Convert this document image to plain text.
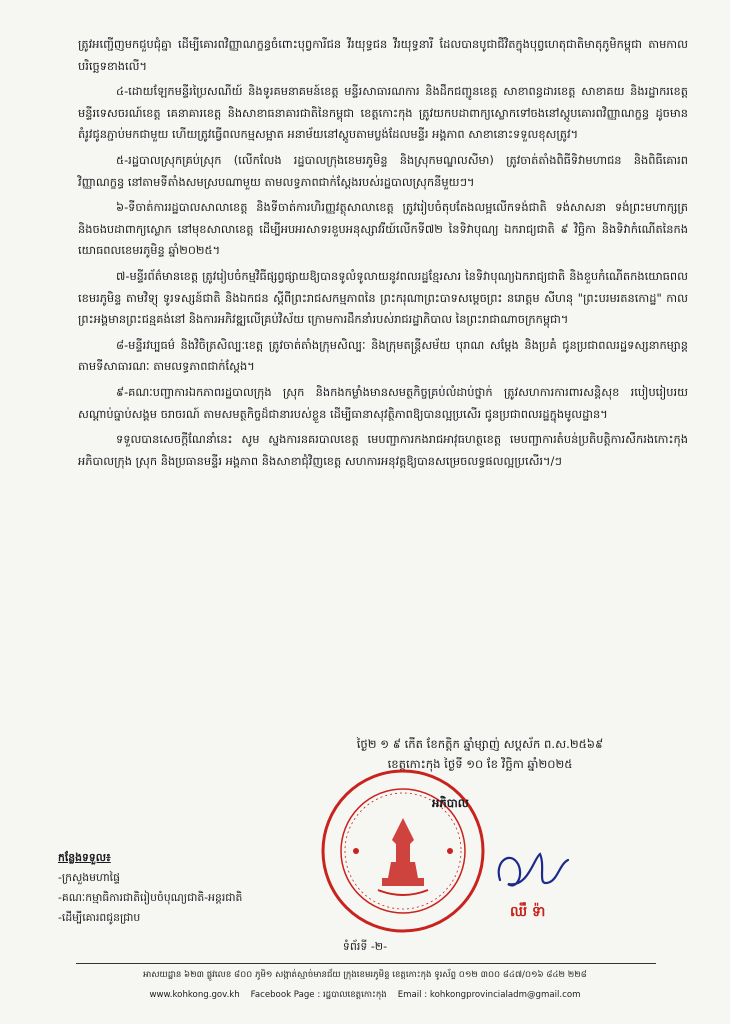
ត្រូវអញ្ជើញមកជួបជុំគ្នា ដើម្បីគោរពវិញ្ញាណក្ខន្ធចំពោះបុព្វការីជន វីរយុទ្ធជន វីរយុទ្ធនារី ដែលបានបូជាជីវិតក្នុងបុព្វហេតុជាតិមាតុភូមិកម្ពុជា តាមកាលបរិច្ឆេទខាងលើ។

៤-ដោយឡែកមន្ទីរប្រៃសណីយ៍ និងទូរគមនាគមន៍ខេត្ត មន្ទីរសាធារណការ និងដឹកជញ្ជូនខេត្ត សាខាពន្ធដារខេត្ត សាខាគយ និងរដ្ឋាករខេត្ត មន្ទីរទេសចរណ៍ខេត្ត គេនាគារខេត្ត និងសាខាធនាគារជាតិនៃកម្ពុជា ខេត្តកោះកុង ត្រូវយកបដាពាក្យស្លោកទៅចងនៅស្តូបគោរពវិញ្ញាណក្ខន្ធ ដូចមានតំរូវជូនភ្ជាប់មកជាមួយ ហើយត្រូវធ្វើពលកម្មសម្អាត អនាម័យនៅស្តូបតាមប្លង់ដែលមន្ទីរ អង្គភាព សាខានោះទទួលខុសត្រូវ។

៥-រដ្ឋបាលស្រុកគ្រប់ស្រុក (លើកលែង រដ្ឋបាលក្រុងខេមរភូមិន្ទ និងស្រុកមណ្ឌលសីមា) ត្រូវចាត់តាំងពិធីទិវាមហាជន និងពិធីគោរពវិញ្ញាណក្ខន្ធ នៅតាមទីតាំងសមស្របណាមួយ តាមលទ្ធភាពជាក់ស្តែងរបស់រដ្ឋបាលស្រុកនីមួយៗ។

៦-ទីចាត់ការរដ្ឋបាលសាលាខេត្ត និងទីចាត់ការហិរញ្ញវត្ថុសាលាខេត្ត ត្រូវរៀបចំតុបតែងលម្អលើកទង់ជាតិ ទង់សាសនា ទង់ព្រះមហាក្សត្រ និងចងបដាពាក្យស្លោក នៅមុខសាលាខេត្ត ដើម្បីអបអរសាទរខួបអនុស្សាវរីយ៍លើកទី៧២ នៃទិវាបុណ្យ ឯករាជ្យជាតិ ៩ វិច្ឆិកា និងទិវាកំណើតនៃកងយោធពលខេមរភូមិន្ទ ឆ្នាំ២០២៥។

៧-មន្ទីរព័ត៌មានខេត្ត ត្រូវរៀបចំកម្មវិធីផ្សព្វផ្សាយឱ្យបានទូលំទូលាយនូវពលរដ្ឋខ្មែរសារ នៃទិវាបុណ្យឯករាជ្យជាតិ និងខួបកំណើតកងយោធពលខេមរភូមិន្ទ តាមវិទ្យុ ទូរទស្សន៍ជាតិ និងឯកជន ស្តីពីព្រះរាជសកម្មភាពនៃ ព្រះករុណាព្រះបាទសម្តេចព្រះ នរោត្តម សីហនុ "ព្រះបរមរតនកោដ្ឋ" កាលព្រះអង្គមានព្រះជន្មគង់នៅ និងការអភិវឌ្ឍលើគ្រប់វិស័យ ក្រោមការដឹកនាំរបស់រាជរដ្ឋាភិបាល នៃព្រះរាជាណាចក្រកម្ពុជា។

៨-មន្ទីរវប្បធម៌ និងវិចិត្រសិល្បៈខេត្ត ត្រូវចាត់តាំងក្រុមសិល្បៈ និងក្រុមតន្ត្រីសម័យ បុរាណ សម្តែង និងប្រគំ ជូនប្រជាពលរដ្ឋទស្សនាកម្សាន្ត តាមទីសាធារណៈ តាមលទ្ធភាពជាក់ស្តែង។

៩-គណៈបញ្ជាការឯកភាពរដ្ឋបាលក្រុង ស្រុក និងកងកម្លាំងមានសមត្ថកិច្ចគ្រប់លំដាប់ថ្នាក់ ត្រូវសហការការពារសន្តិសុខ របៀបរៀបរយ សណ្តាប់ធ្នាប់សង្គម ចរាចរណ៍ តាមសមត្ថកិច្ចដ៏ជានារបស់ខ្លួន ដើម្បីធានាសុវត្ថិភាពឱ្យបានល្អប្រសើរ ជូនប្រជាពលរដ្ឋក្នុងមូលដ្ឋាន។

ទទួលបានសេចក្តីណែនាំនេះ សូម ស្នងការនគរបាលខេត្ត មេបញ្ជាការកងរាជអាវុធហត្ថខេត្ត មេបញ្ជាការតំបន់ប្រតិបត្តិការសឹករងកោះកុង អភិបាលក្រុង ស្រុក និងប្រធានមន្ទីរ អង្គភាព និងសាខាជុំវិញខេត្ត សហការអនុវត្តឱ្យបានសម្រេចលទ្ធផលល្អប្រសើរ។/ៗ

ថ្ងៃ២ ១ ៩ កើត ខែកត្តិក ឆ្នាំម្សាញ់ សប្តស័ក ព.ស.២៥៦៩
ខេត្តកោះកុង ថ្ងៃទី ១០ ខែ វិច្ឆិកា ឆ្នាំ២០២៥
អភិបាល
ឈឹ ទ៉ា
កន្លែងទទួល៖
-ក្រសួងមហាផ្ទៃ
-គណៈកម្មាធិការជាតិរៀបចំបុណ្យជាតិ-អន្តរជាតិ
-ដើម្បីគោរពជូនជ្រាប
ទំព័រទី -២-
អាសយដ្ឋាន ៦២៣ ផ្លូវលេខ ៨០០ ភូមិ១ សង្កាត់ស្មាច់មានជ័យ ក្រុងខេមរភូមិន្ទ ខេត្តកោះកុង ទូរស័ព្ទ ០១២ ៣០០ ៨៤៧/០១៦ ៨៤២ ២២៨
www.kohkong.gov.kh Facebook Page : រដ្ឋបាលខេត្តកោះកុង Email : kohkongprovincialadm@gmail.com
